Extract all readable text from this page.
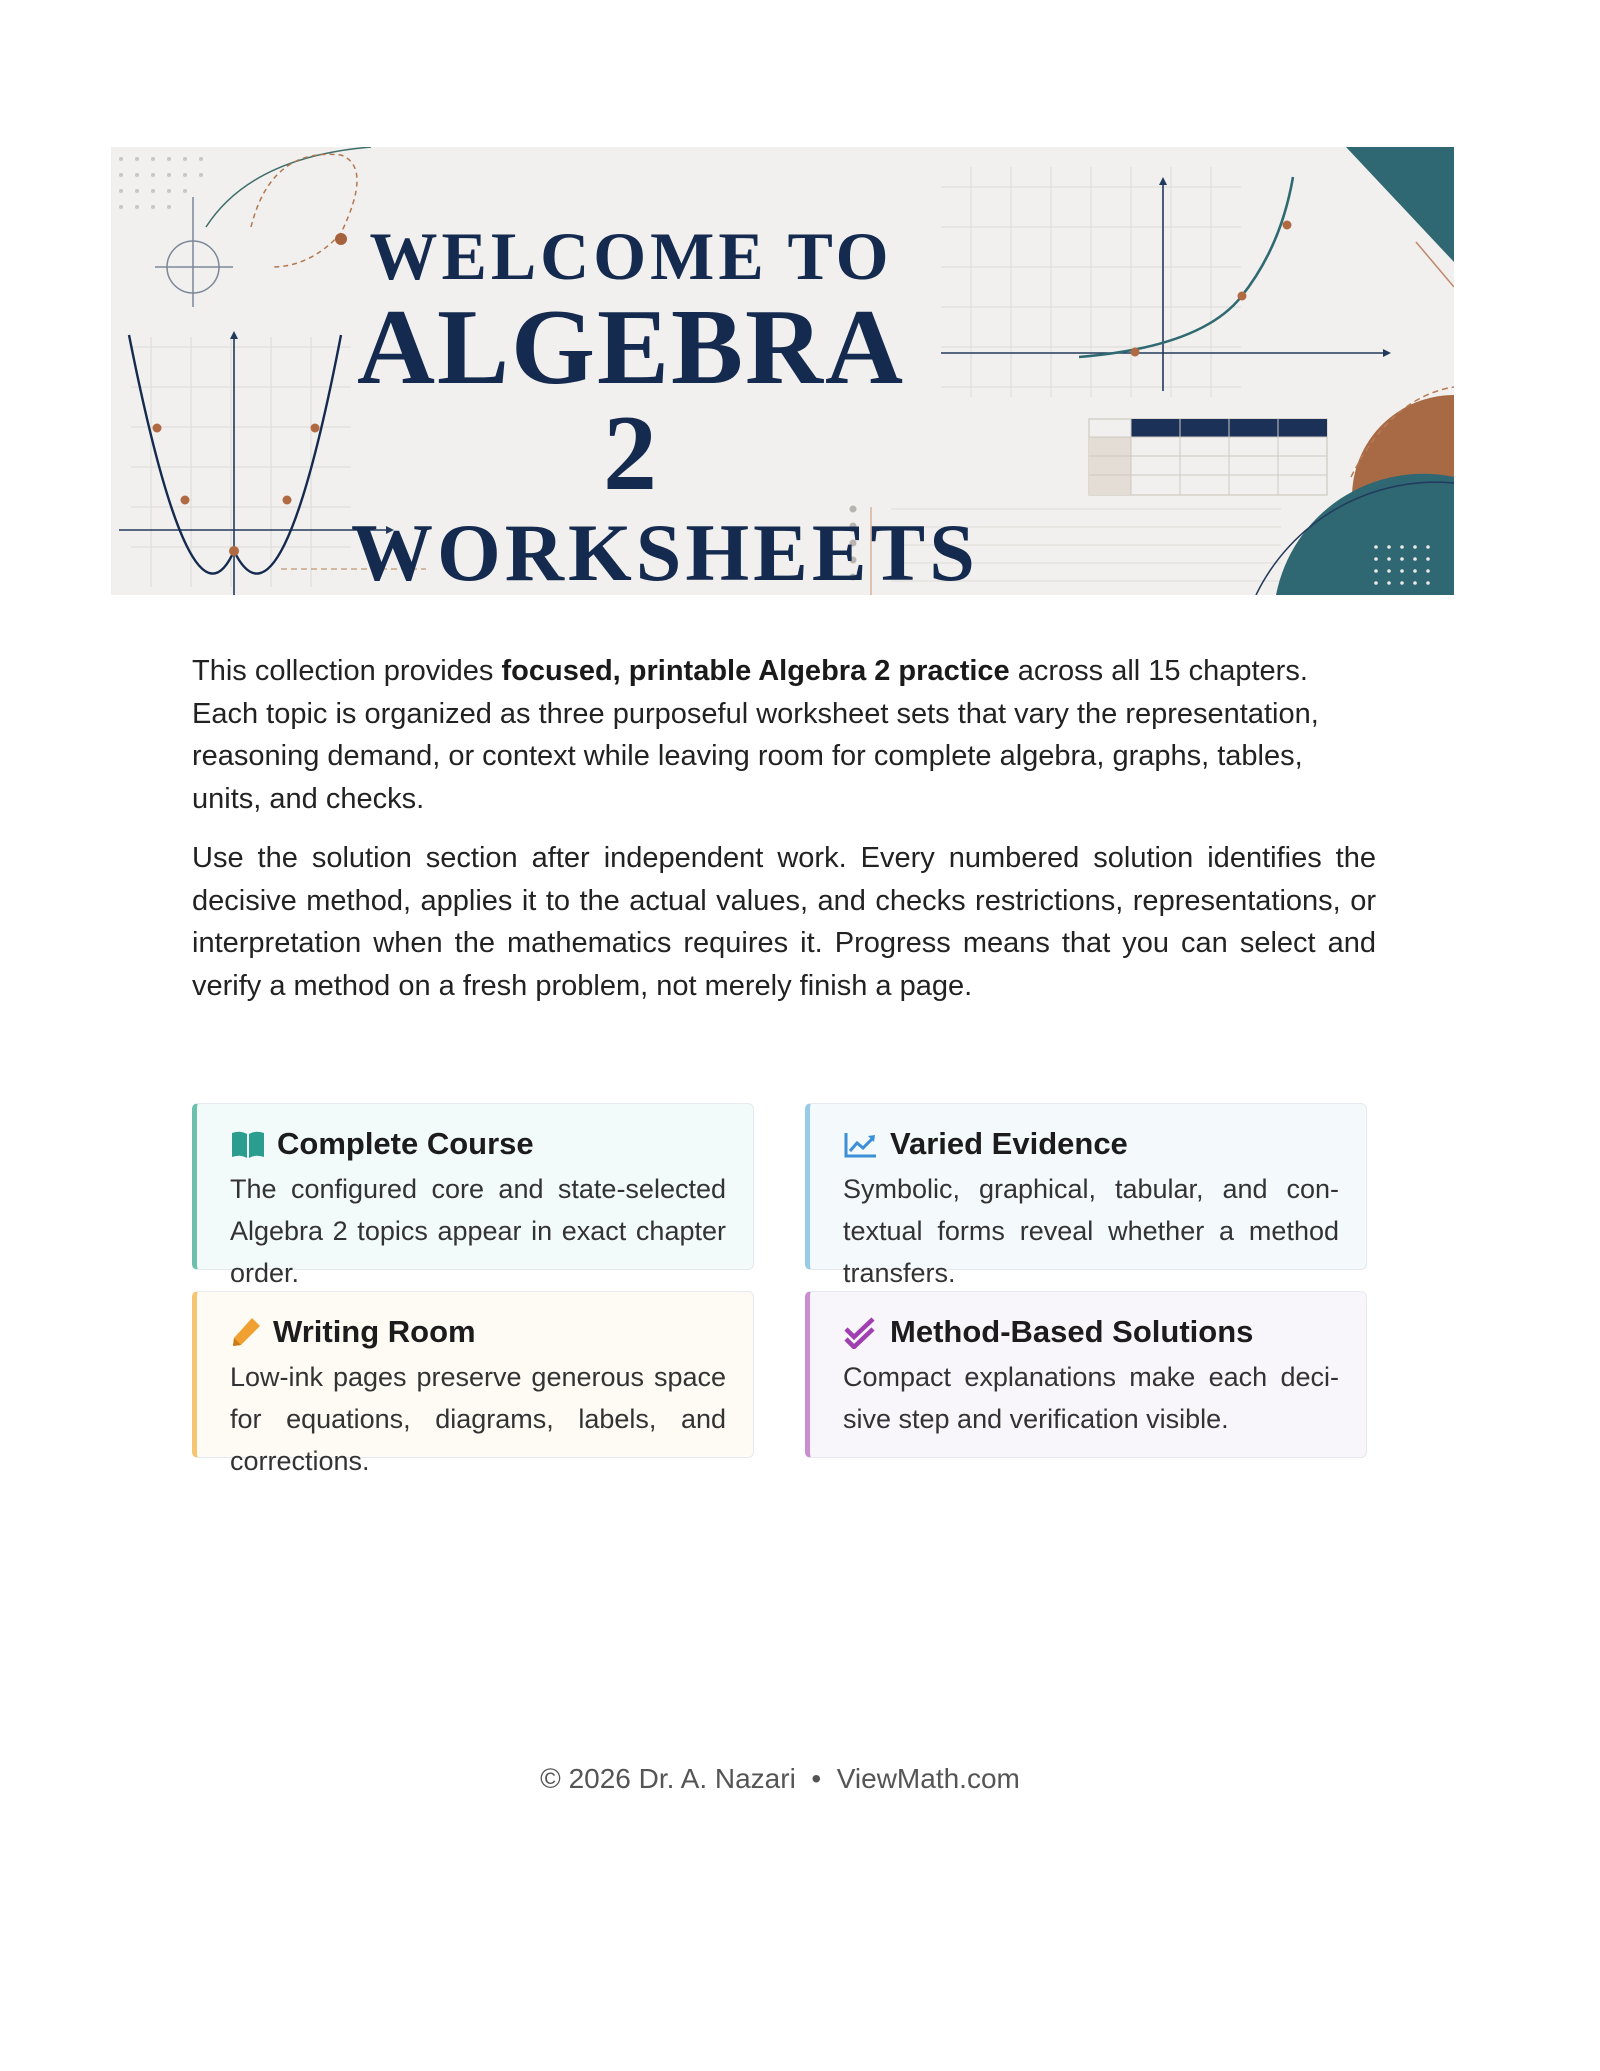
WELCOME TO
ALGEBRA 2
WORKSHEETS

This collection provides focused, printable Algebra 2 practice across all 15 chapters. Each topic is organized as three purposeful worksheet sets that vary the representation, reasoning demand, or context while leaving room for complete algebra, graphs, tables, units, and checks.

Use the solution section after independent work. Every numbered solution identifies the decisive method, applies it to the actual values, and checks restrictions, representations, or interpretation when the mathematics requires it. Progress means that you can select and verify a method on a fresh problem, not merely finish a page.

Complete Course
The configured core and state-selected Algebra 2 topics appear in exact chapter order.
Varied Evidence
Symbolic, graphical, tabular, and contextual forms reveal whether a method transfers.
Writing Room
Low-ink pages preserve generous space for equations, diagrams, labels, and corrections.
Method-Based Solutions
Compact explanations make each decisive step and verification visible.
© 2026 Dr. A. Nazari • ViewMath.com
